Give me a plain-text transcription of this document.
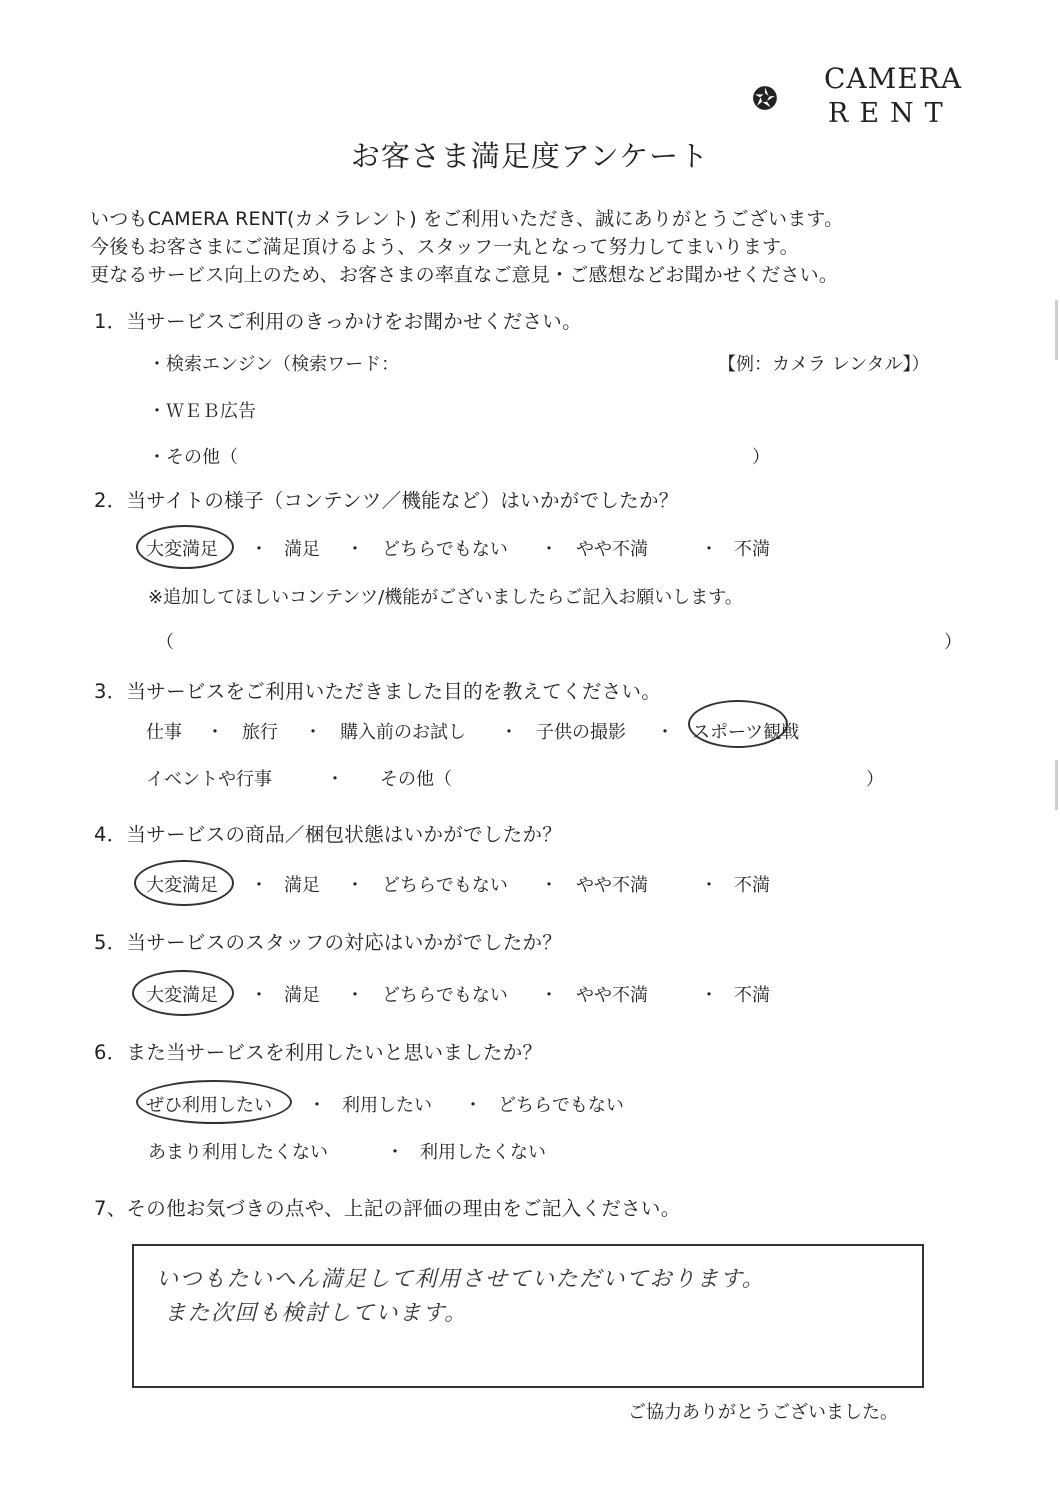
CAMERA
RENT
お客さま満足度アンケート
いつもCAMERA RENT(カメラレント) をご利用いただき、誠にありがとうございます。
今後もお客さまにご満足頂けるよう、スタッフ一丸となって努力してまいります。
更なるサービス向上のため、お客さまの率直なご意見・ご感想などお聞かせください。
1．当サービスご利用のきっかけをお聞かせください。
・検索エンジン（検索ワード：	【例：カメラ レンタル】）
・ＷＥＢ広告
・その他（	）
2．当サイトの様子（コンテンツ／機能など）はいかがでしたか？
大変満足 ・ 満足 ・ どちらでもない ・ やや不満	・ 不満
※追加してほしいコンテンツ/機能がございましたらご記入お願いします。
（	）
3．当サービスをご利用いただきました目的を教えてください。
仕事 ・ 旅行 ・ 購入前のお試し ・ 子供の撮影 ・ スポーツ観戦
イベントや行事	・ その他（	）
4．当サービスの商品／梱包状態はいかがでしたか？
大変満足 ・ 満足 ・ どちらでもない ・ やや不満	・ 不満
5．当サービスのスタッフの対応はいかがでしたか？
大変満足 ・ 満足 ・ どちらでもない ・ やや不満	・ 不満
6．また当サービスを利用したいと思いましたか？
ぜひ利用したい ・ 利用したい ・ どちらでもない
あまり利用したくない	・ 利用したくない
7、その他お気づきの点や、上記の評価の理由をご記入ください。
いつもたいへん満足して利用させていただいております。
また次回も検討しています。
ご協力ありがとうございました。
